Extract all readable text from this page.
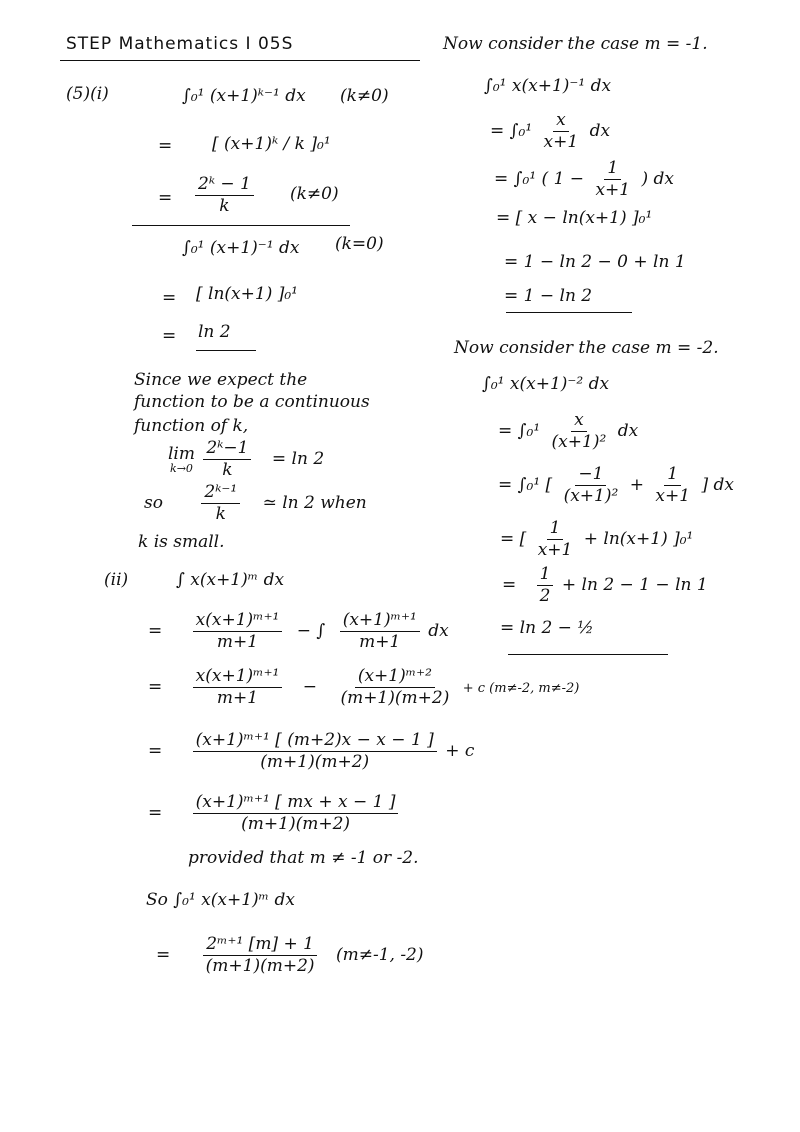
STEP Mathematics I 05S	Now consider the case m = -1.
(5)(i)	∫₀¹ (x+1)ᵏ⁻¹ dx (k≠0)
= [ (x+1)ᵏ / k ]₀¹
= $\frac{\text{2ᵏ − 1}}{k} (k\ne 0)$
∫₀¹ (x+1)⁻¹ dx (k=0)
= [ ln(x+1) ]₀¹
= ln 2
Since we expect the
function to be a continuous
function of k,
lim
k→0
$\frac{\text{2ᵏ−1}}{k} = \ln 2$
so $\frac{\text{2ᵏ⁻¹}}{k}$ ≃ ln 2 when
k is small.
(ii)	∫ x(x+1)ᵐ dx
= $\frac{\text{x(x+1)ᵐ⁺¹}}{m+1}$ − ∫ $\frac{\text{(x+1)ᵐ⁺¹}}{m+1}$ dx
= $\frac{\text{x(x+1)ᵐ⁺¹}}{m+1} - \frac{\text{(x+1)ᵐ⁺²}}{(m+1)(m+2)} + c$ (m≠-2, m≠-2)
= $\frac{\text{(x+1)ᵐ⁺¹ [ (m+2)x − x − 1 ]}}{(m+1)(m+2)} + c$
= $\frac{\text{(x+1)ᵐ⁺¹ [ mx + x − 1 ]}}{(m+1)(m+2)}$
provided that m ≠ -1 or -2.
So ∫₀¹ x(x+1)ᵐ dx
= $\frac{\text{2ᵐ⁺¹ [m] + 1}}{(m+1)(m+2)} (m\ne-1$, -2)
∫₀¹ x(x+1)⁻¹ dx
= $\int_0^1 \frac{x}{x+1}$ dx
= ∫₀¹ ( $1 - \frac{1}{x+1}$ ) dx
= [ x − ln(x+1) ]₀¹
= 1 − ln 2 − 0 + ln 1
= 1 − ln 2
Now consider the case m = -2.
∫₀¹ x(x+1)⁻² dx
= $\int_0^1 \frac{x}{\text{(x+1)²}}$ dx
= ∫₀¹ [ $\frac{-1}{\text{(x+1)²}} + \frac{1}{x+1}$ ] dx
= [ $\frac{1}{x+1} + \ln(x+1)$ ]₀¹
= $\frac{1}{2} + \ln 2 - 1 - \ln 1$
= ln 2 − ½
